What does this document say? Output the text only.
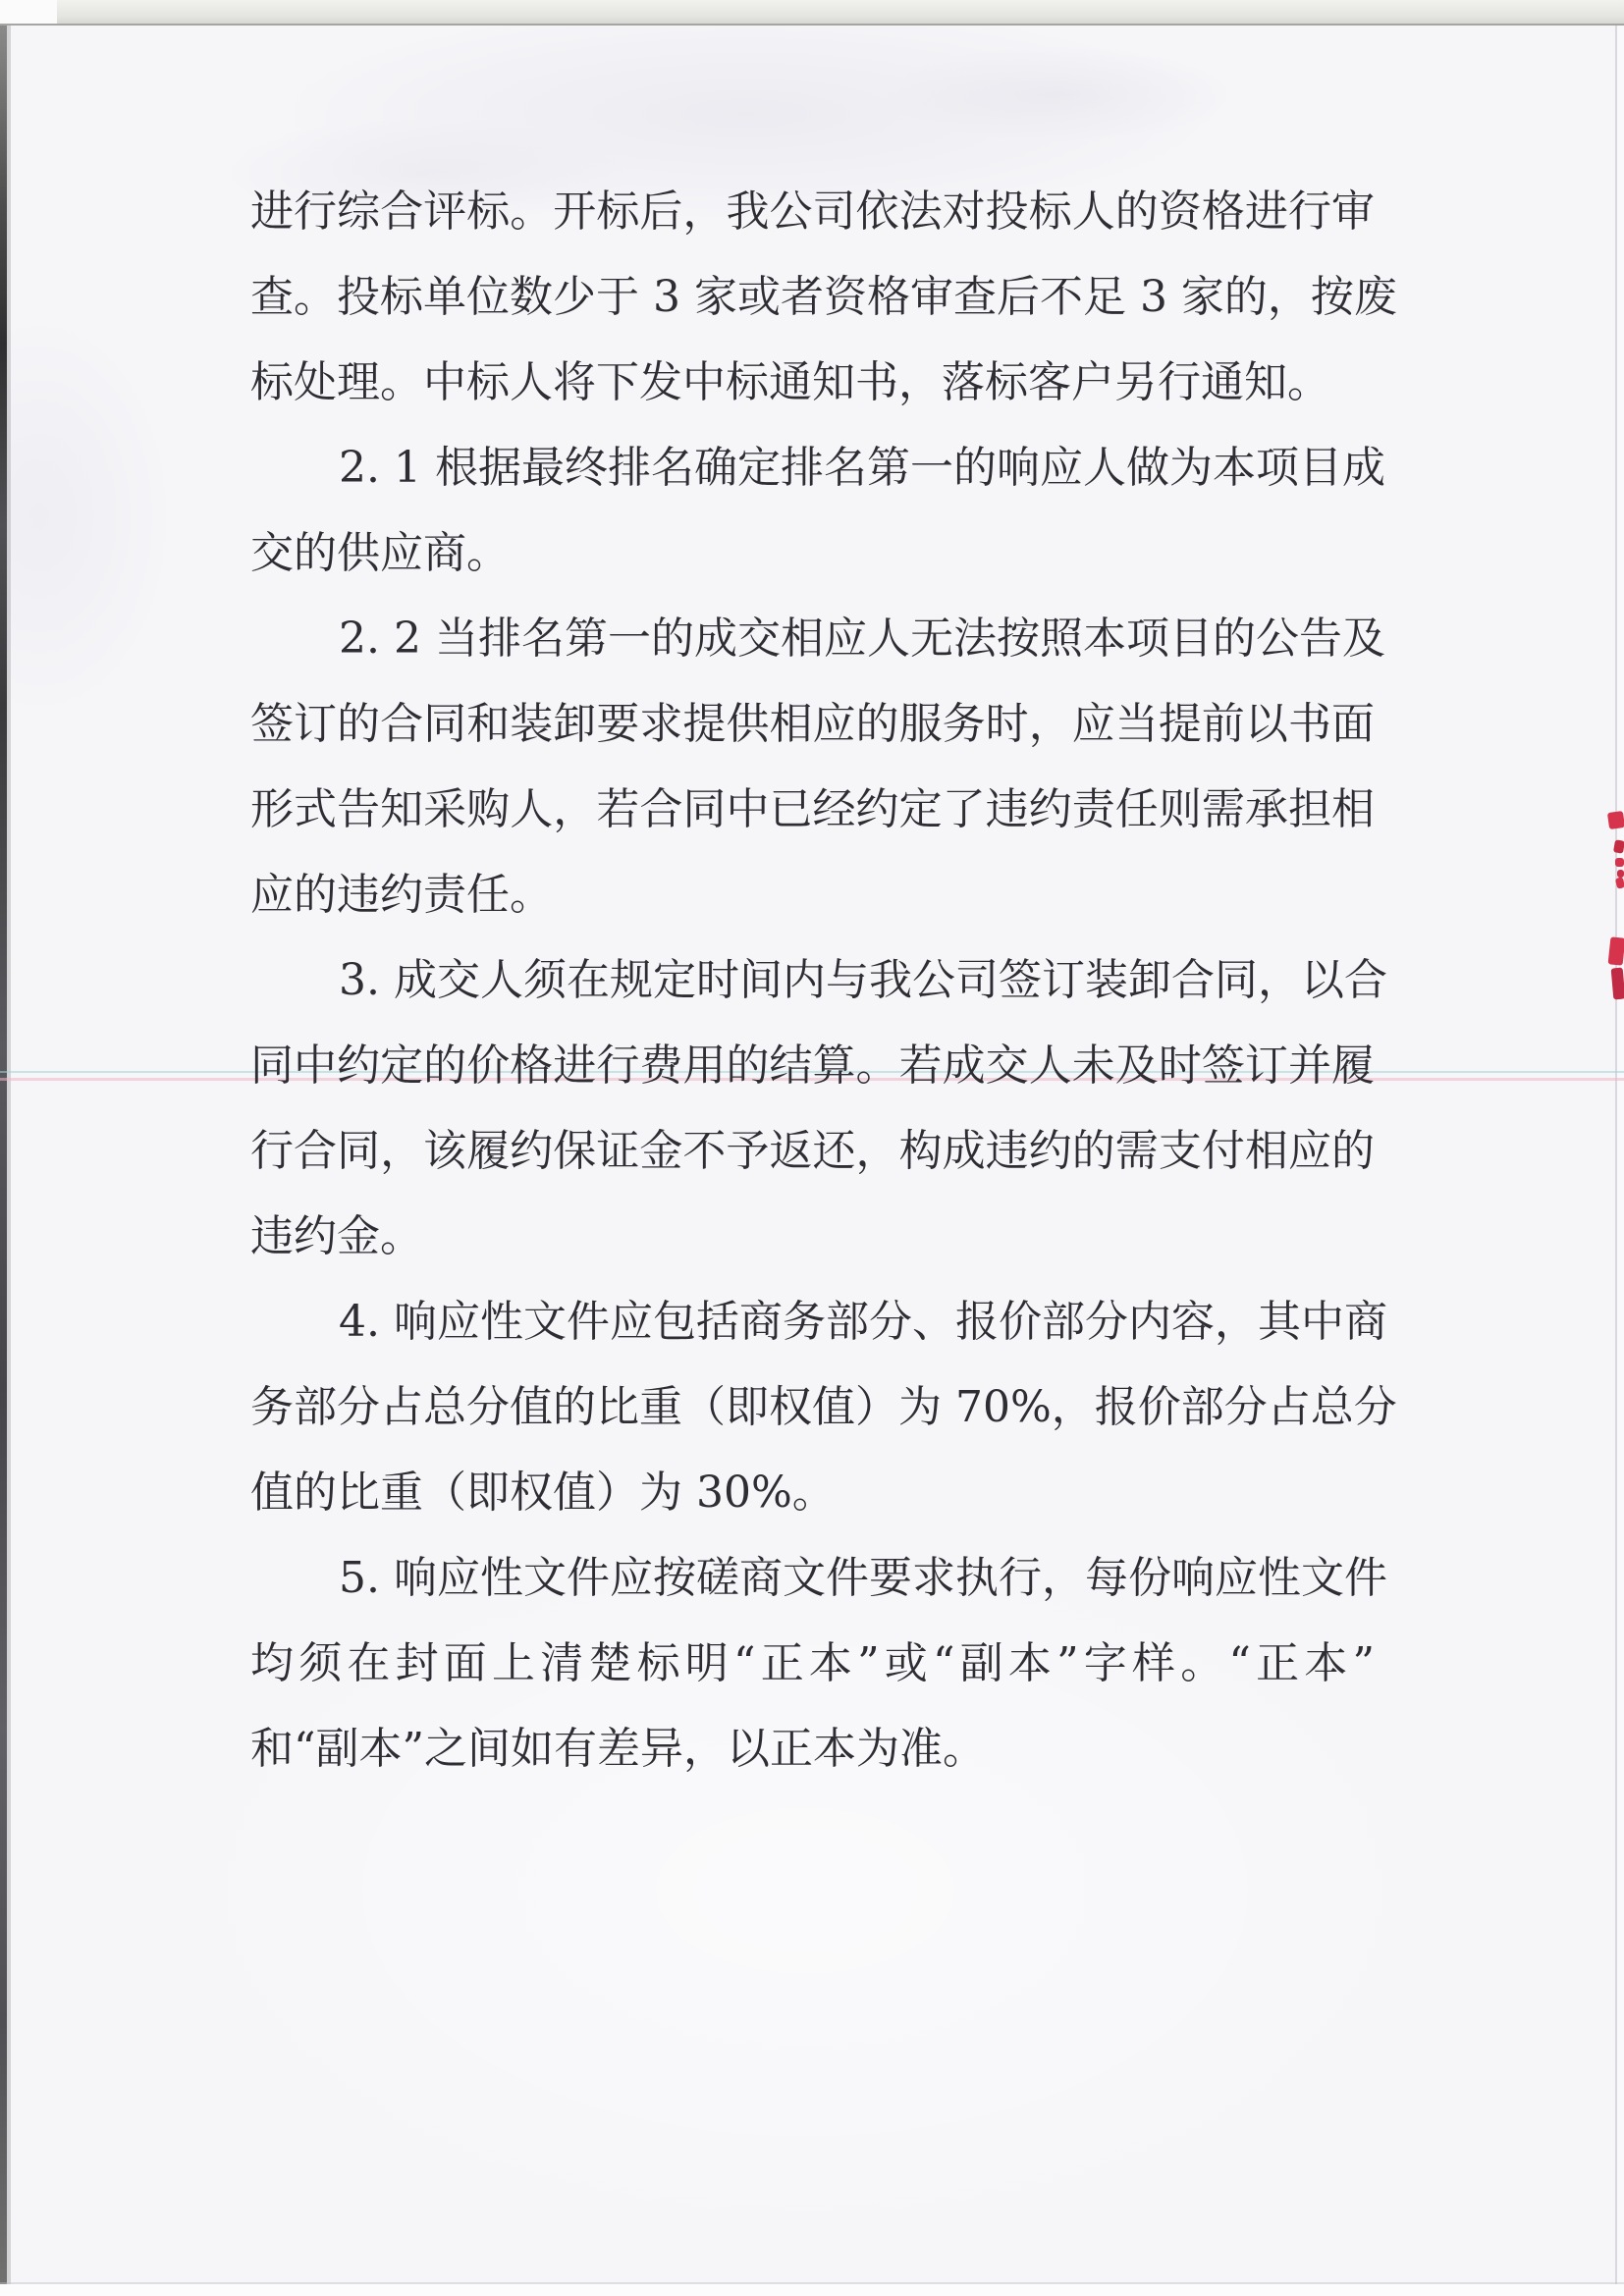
进行综合评标。开标后，我公司依法对投标人的资格进行审
查。投标单位数少于 3 家或者资格审查后不足 3 家的，按废
标处理。中标人将下发中标通知书，落标客户另行通知。
2. 1 根据最终排名确定排名第一的响应人做为本项目成
交的供应商。
2. 2 当排名第一的成交相应人无法按照本项目的公告及
签订的合同和装卸要求提供相应的服务时，应当提前以书面
形式告知采购人，若合同中已经约定了违约责任则需承担相
应的违约责任。
3. 成交人须在规定时间内与我公司签订装卸合同，以合
同中约定的价格进行费用的结算。若成交人未及时签订并履
行合同，该履约保证金不予返还，构成违约的需支付相应的
违约金。
4. 响应性文件应包括商务部分、报价部分内容，其中商
务部分占总分值的比重（即权值）为 70%，报价部分占总分
值的比重（即权值）为 30%。
5. 响应性文件应按磋商文件要求执行，每份响应性文件
均须在封面上清楚标明“正本”或“副本”字样。“正本”
和“副本”之间如有差异，以正本为准。
